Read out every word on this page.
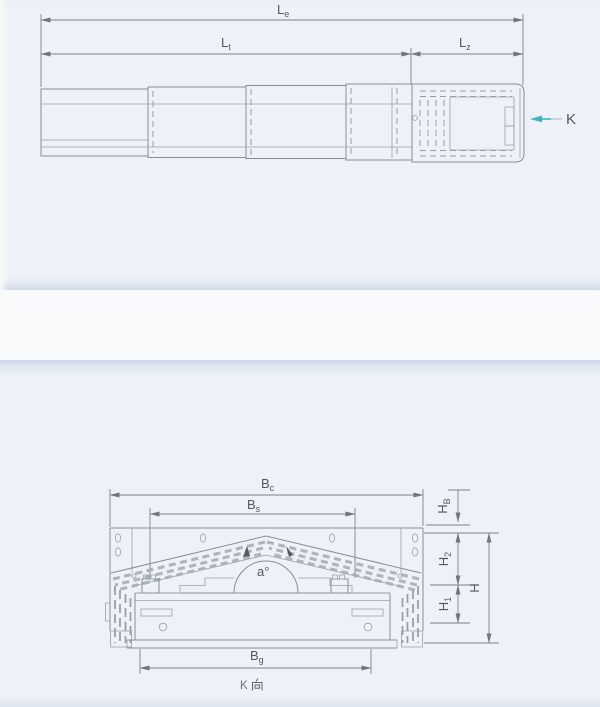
$L_e$
$L_t$	$L_z$
K
$B_c$
$B_s$
a°
$B_g$
$H_B$
$H_2$
$H_1$
H
K
